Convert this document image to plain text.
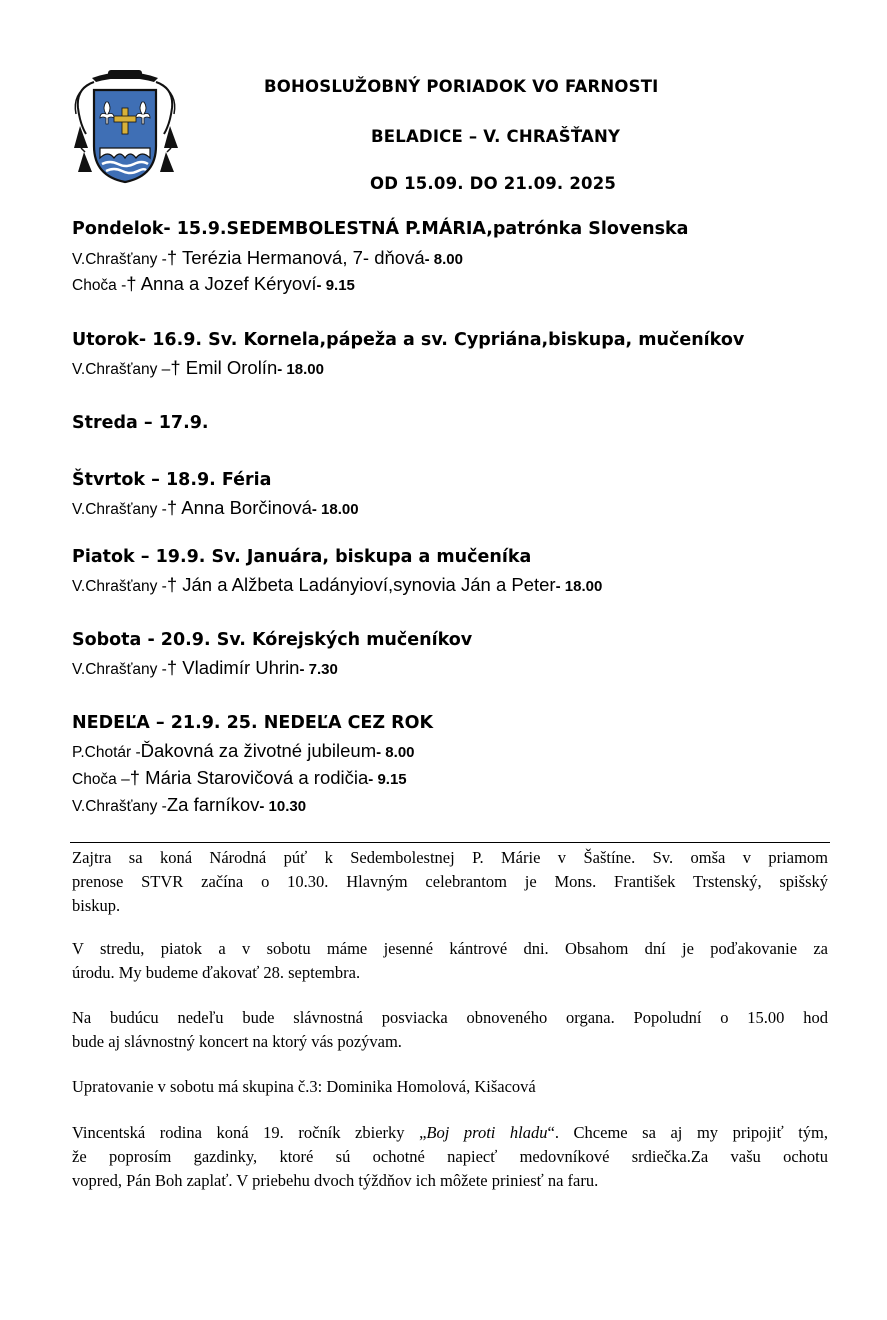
BOHOSLUŽOBNÝ PORIADOK VO FARNOSTI
BELADICE – V. CHRAŠŤANY
OD 15.09. DO 21.09. 2025
Pondelok- 15.9.SEDEMBOLESTNÁ P.MÁRIA,patrónka Slovenska
V.Chrašťany - † Terézia Hermanová, 7- dňová - 8.00
Choča - † Anna a Jozef Kéryoví - 9.15
Utorok- 16.9. Sv. Kornela,pápeža a sv. Cypriána,biskupa, mučeníkov
V.Chrašťany – † Emil Orolín - 18.00
Streda – 17.9.
Štvrtok – 18.9. Féria
V.Chrašťany - † Anna Borčinová - 18.00
Piatok – 19.9. Sv. Januára, biskupa a mučeníka
V.Chrašťany - † Ján a Alžbeta Ladányioví,synovia Ján a Peter - 18.00
Sobota - 20.9. Sv. Kórejských mučeníkov
V.Chrašťany - † Vladimír Uhrin - 7.30
NEDEĽA – 21.9. 25. NEDEĽA CEZ ROK
P.Chotár - Ďakovná za životné jubileum - 8.00
Choča – † Mária Starovičová a rodičia - 9.15
V.Chrašťany - Za farníkov - 10.30
Zajtra sa koná Národná púť k Sedembolestnej P. Márie v Šaštíne. Sv. omša v priamom
prenose STVR začína o 10.30. Hlavným celebrantom je Mons. František Trstenský, spišský
biskup.
V stredu, piatok a v sobotu máme jesenné kántrové dni. Obsahom dní je poďakovanie za
úrodu. My budeme ďakovať 28. septembra.
Na budúcu nedeľu bude slávnostná posviacka obnoveného organa. Popoludní o 15.00 hod
bude aj slávnostný koncert na ktorý vás pozývam.
Upratovanie v sobotu má skupina č.3: Dominika Homolová, Kišacová
Vincentská rodina koná 19. ročník zbierky „Boj proti hladu“. Chceme sa aj my pripojiť tým,
že poprosím gazdinky, ktoré sú ochotné napiecť medovníkové srdiečka.Za vašu ochotu
vopred, Pán Boh zaplať. V priebehu dvoch týždňov ich môžete priniesť na faru.
